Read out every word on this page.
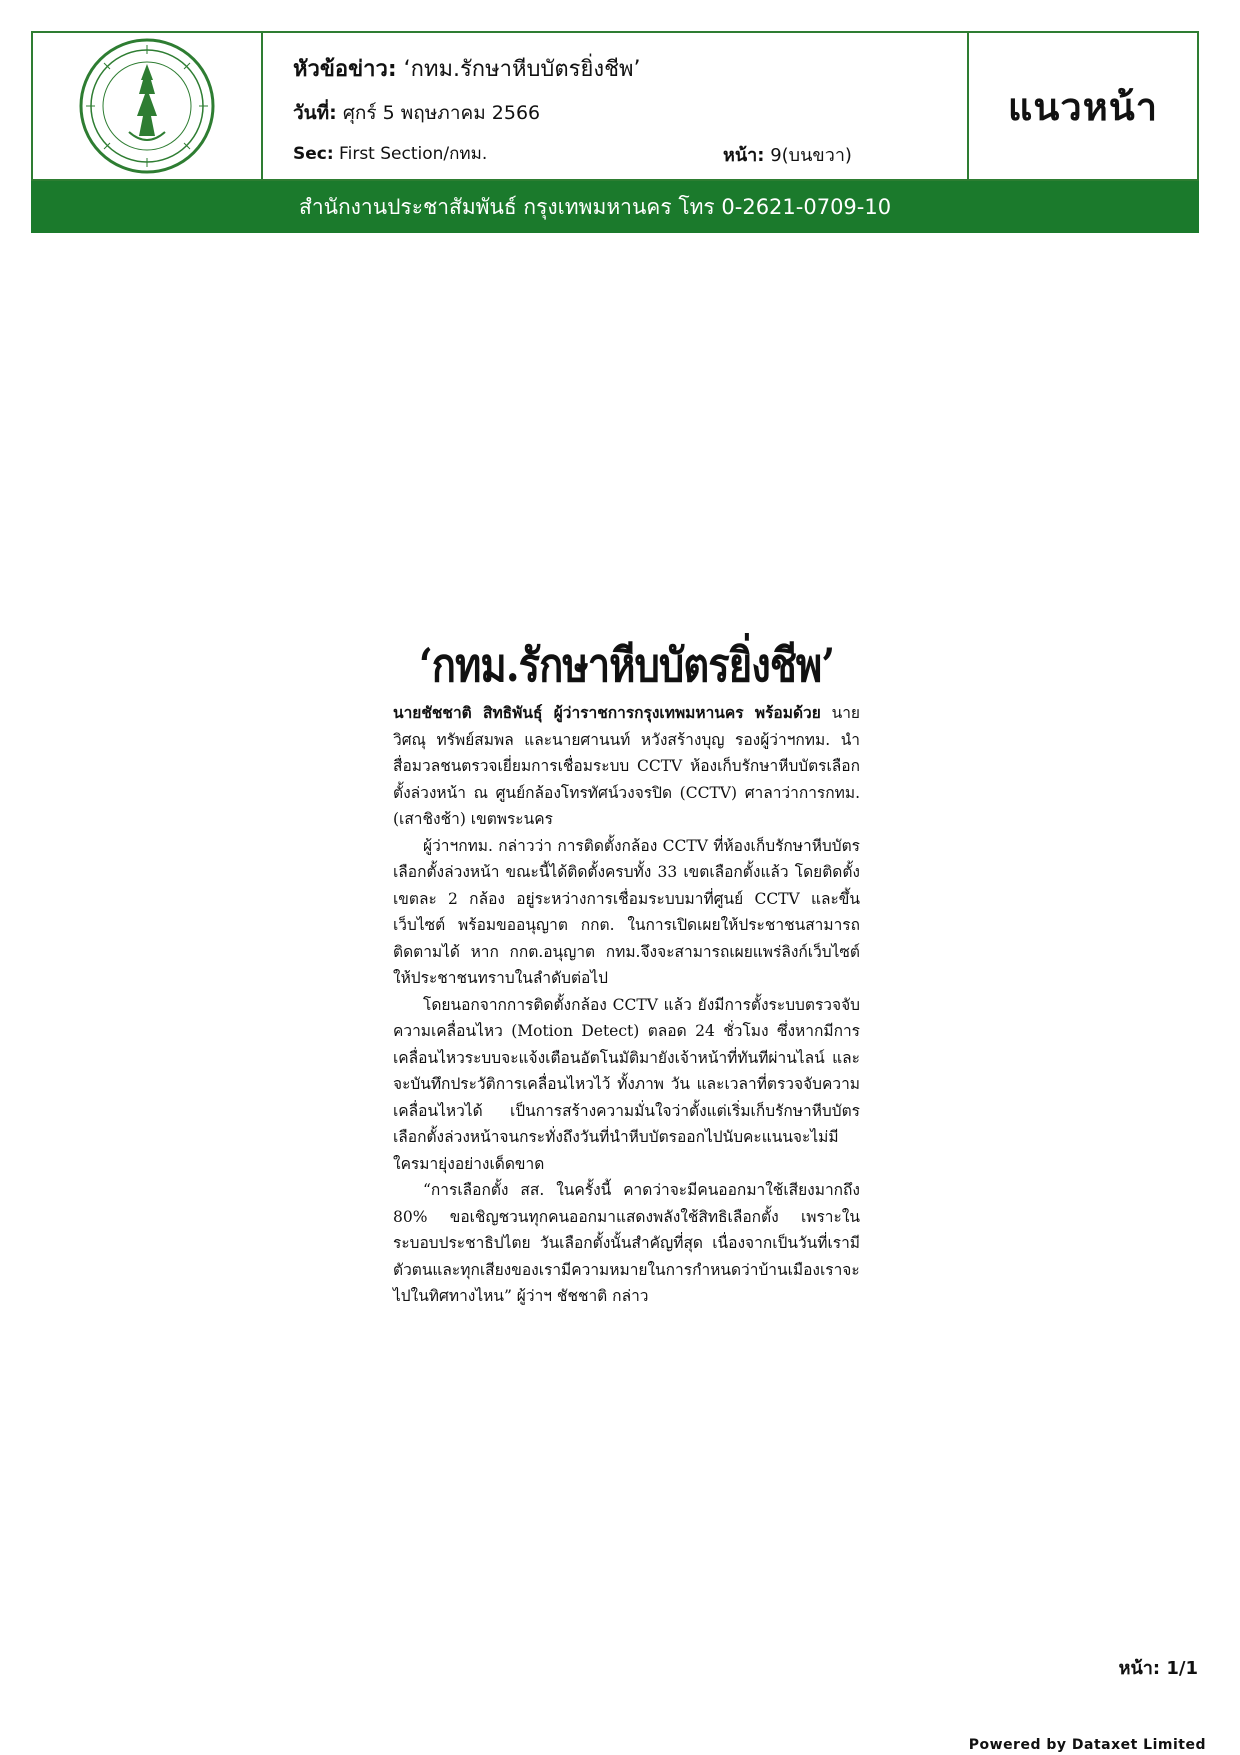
หัวข้อข่าว: ‘กทม.รักษาหีบบัตรยิ่งชีพ’
วันที่: ศุกร์ 5 พฤษภาคม 2566
Sec: First Section/กทม.	หน้า: 9(บนขวา)
แนวหน้า
สำนักงานประชาสัมพันธ์ กรุงเทพมหานคร โทร 0-2621-0709-10
‘กทม.รักษาหีบบัตรยิ่งชีพ’

นายชัชชาติ สิทธิพันธุ์ ผู้ว่าราชการกรุงเทพมหานคร พร้อมด้วย นายวิศณุ ทรัพย์สมพล และนายศานนท์ หวังสร้างบุญ รองผู้ว่าฯกทม. นำสื่อมวลชนตรวจเยี่ยมการเชื่อมระบบ CCTV ห้องเก็บรักษาหีบบัตรเลือกตั้งล่วงหน้า ณ ศูนย์กล้องโทรทัศน์วงจรปิด (CCTV) ศาลาว่าการกทม. (เสาชิงช้า) เขตพระนคร

ผู้ว่าฯกทม. กล่าวว่า การติดตั้งกล้อง CCTV ที่ห้องเก็บรักษาหีบบัตรเลือกตั้งล่วงหน้า ขณะนี้ได้ติดตั้งครบทั้ง 33 เขตเลือกตั้งแล้ว โดยติดตั้งเขตละ 2 กล้อง อยู่ระหว่างการเชื่อมระบบมาที่ศูนย์ CCTV และขึ้นเว็บไซต์ พร้อมขออนุญาต กกต. ในการเปิดเผยให้ประชาชนสามารถติดตามได้ หาก กกต.อนุญาต กทม.จึงจะสามารถเผยแพร่ลิงก์เว็บไซต์ให้ประชาชนทราบในลำดับต่อไป

โดยนอกจากการติดตั้งกล้อง CCTV แล้ว ยังมีการตั้งระบบตรวจจับความเคลื่อนไหว (Motion Detect) ตลอด 24 ชั่วโมง ซึ่งหากมีการเคลื่อนไหวระบบจะแจ้งเตือนอัตโนมัติมายังเจ้าหน้าที่ทันทีผ่านไลน์ และจะบันทึกประวัติการเคลื่อนไหวไว้ ทั้งภาพ วัน และเวลาที่ตรวจจับความเคลื่อนไหวได้ เป็นการสร้างความมั่นใจว่าตั้งแต่เริ่มเก็บรักษาหีบบัตรเลือกตั้งล่วงหน้าจนกระทั่งถึงวันที่นำหีบบัตรออกไปนับคะแนนจะไม่มีใครมายุ่งอย่างเด็ดขาด

“การเลือกตั้ง สส. ในครั้งนี้ คาดว่าจะมีคนออกมาใช้เสียงมากถึง 80% ขอเชิญชวนทุกคนออกมาแสดงพลังใช้สิทธิเลือกตั้ง เพราะในระบอบประชาธิปไตย วันเลือกตั้งนั้นสำคัญที่สุด เนื่องจากเป็นวันที่เรามีตัวตนและทุกเสียงของเรามีความหมายในการกำหนดว่าบ้านเมืองเราจะไปในทิศทางไหน” ผู้ว่าฯ ชัชชาติ กล่าว

หน้า: 1/1
Powered by Dataxet Limited
